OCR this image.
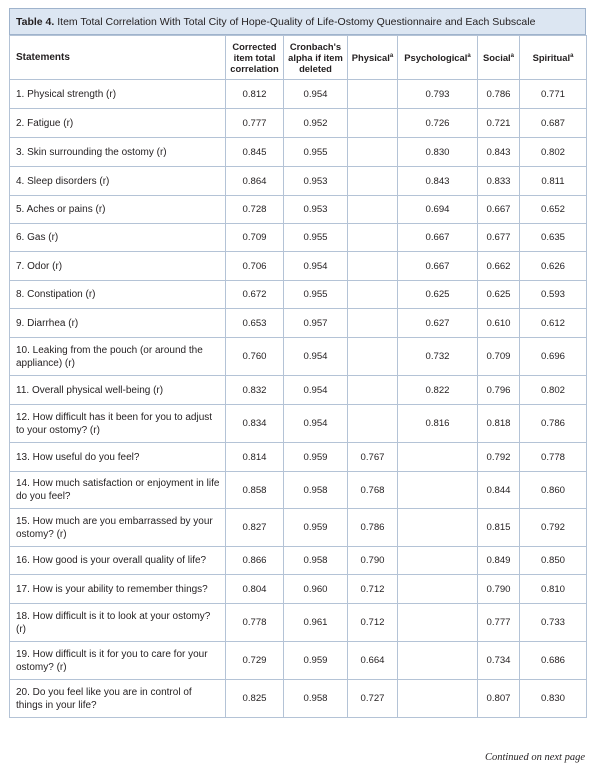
Table 4. Item Total Correlation With Total City of Hope-Quality of Life-Ostomy Questionnaire and Each Subscale
Statements	Corrected item total correlation	Cronbach's alpha if item deleted	Physical$^a$	Psychological$^a$	Social$^a$	Spiritual$^a$
1. Physical strength (r)	0.812	0.954		0.793	0.786	0.771
2. Fatigue (r)	0.777	0.952		0.726	0.721	0.687
3. Skin surrounding the ostomy (r)	0.845	0.955		0.830	0.843	0.802
4. Sleep disorders (r)	0.864	0.953		0.843	0.833	0.811
5. Aches or pains (r)	0.728	0.953		0.694	0.667	0.652
6. Gas (r)	0.709	0.955		0.667	0.677	0.635
7. Odor (r)	0.706	0.954		0.667	0.662	0.626
8. Constipation (r)	0.672	0.955		0.625	0.625	0.593
9. Diarrhea (r)	0.653	0.957		0.627	0.610	0.612
10. Leaking from the pouch (or around the appliance) (r)	0.760	0.954		0.732	0.709	0.696
11. Overall physical well-being (r)	0.832	0.954		0.822	0.796	0.802
12. How difficult has it been for you to adjust to your ostomy? (r)	0.834	0.954		0.816	0.818	0.786
13. How useful do you feel?	0.814	0.959	0.767		0.792	0.778
14. How much satisfaction or enjoyment in life do you feel?	0.858	0.958	0.768		0.844	0.860
15. How much are you embarrassed by your ostomy? (r)	0.827	0.959	0.786		0.815	0.792
16. How good is your overall quality of life?	0.866	0.958	0.790		0.849	0.850
17. How is your ability to remember things?	0.804	0.960	0.712		0.790	0.810
18. How difficult is it to look at your ostomy? (r)	0.778	0.961	0.712		0.777	0.733
19. How difficult is it for you to care for your ostomy? (r)	0.729	0.959	0.664		0.734	0.686
20. Do you feel like you are in control of things in your life?	0.825	0.958	0.727		0.807	0.830
Continued on next page
